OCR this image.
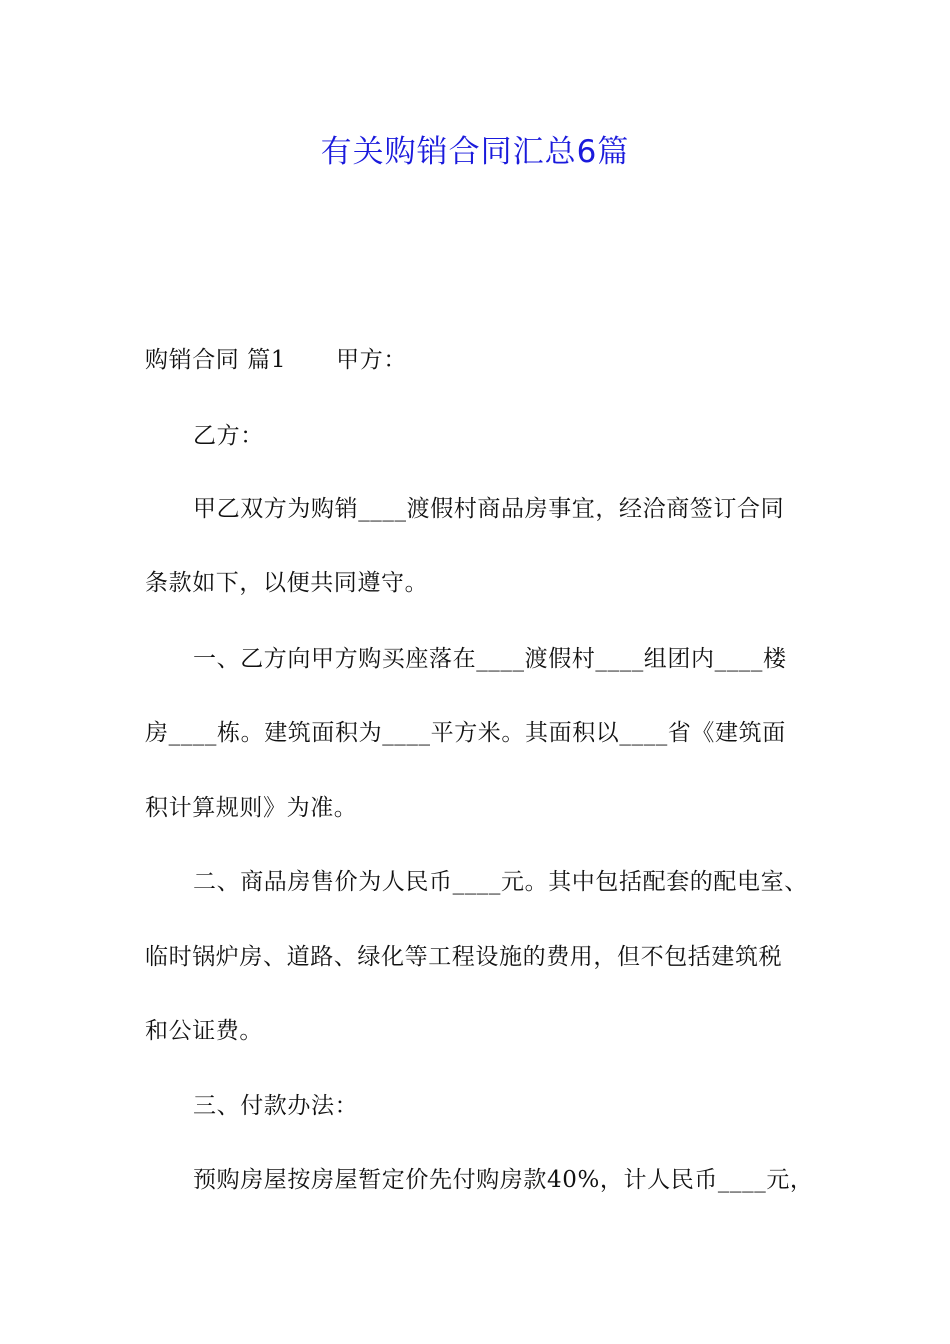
有关购销合同汇总6篇
购销合同 篇1 甲方：
乙方：
甲乙双方为购销____渡假村商品房事宜，经洽商签订合同
条款如下，以便共同遵守。
一、乙方向甲方购买座落在____渡假村____组团内____楼
房____栋。建筑面积为____平方米。其面积以____省《建筑面
积计算规则》为准。
二、商品房售价为人民币____元。其中包括配套的配电室、
临时锅炉房、道路、绿化等工程设施的费用，但不包括建筑税
和公证费。
三、付款办法：
预购房屋按房屋暂定价先付购房款40%，计人民币____元，
